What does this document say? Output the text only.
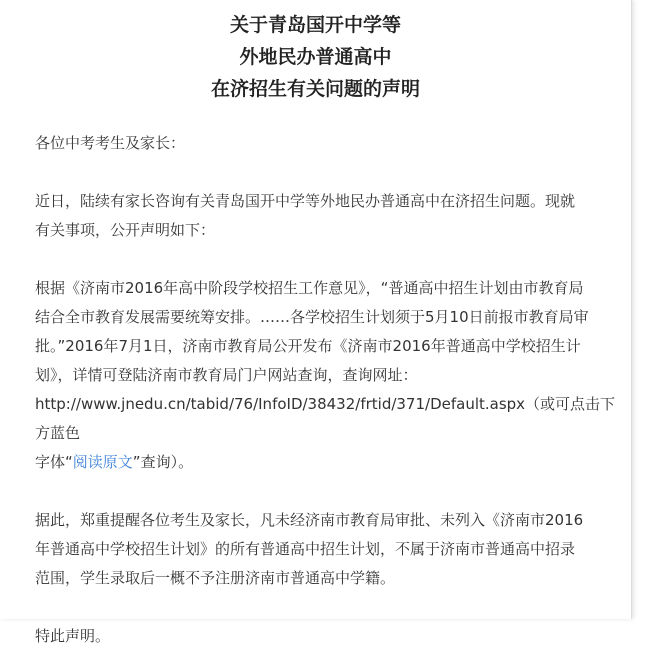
关于青岛国开中学等
外地民办普通高中
在济招生有关问题的声明

各位中考考生及家长：

近日，陆续有家长咨询有关青岛国开中学等外地民办普通高中在济招生问题。现就

有关事项，公开声明如下：

根据《济南市2016年高中阶段学校招生工作意见》，“普通高中招生计划由市教育局

结合全市教育发展需要统筹安排。……各学校招生计划须于5月10日前报市教育局审

批。”2016年7月1日，济南市教育局公开发布《济南市2016年普通高中学校招生计

划》，详情可登陆济南市教育局门户网站查询，查询网址：

http://www.jnedu.cn/tabid/76/InfoID/38432/frtid/371/Default.aspx（或可点击下方蓝色

字体“阅读原文”查询）。

据此，郑重提醒各位考生及家长，凡未经济南市教育局审批、未列入《济南市2016

年普通高中学校招生计划》的所有普通高中招生计划，不属于济南市普通高中招录

范围，学生录取后一概不予注册济南市普通高中学籍。

特此声明。
